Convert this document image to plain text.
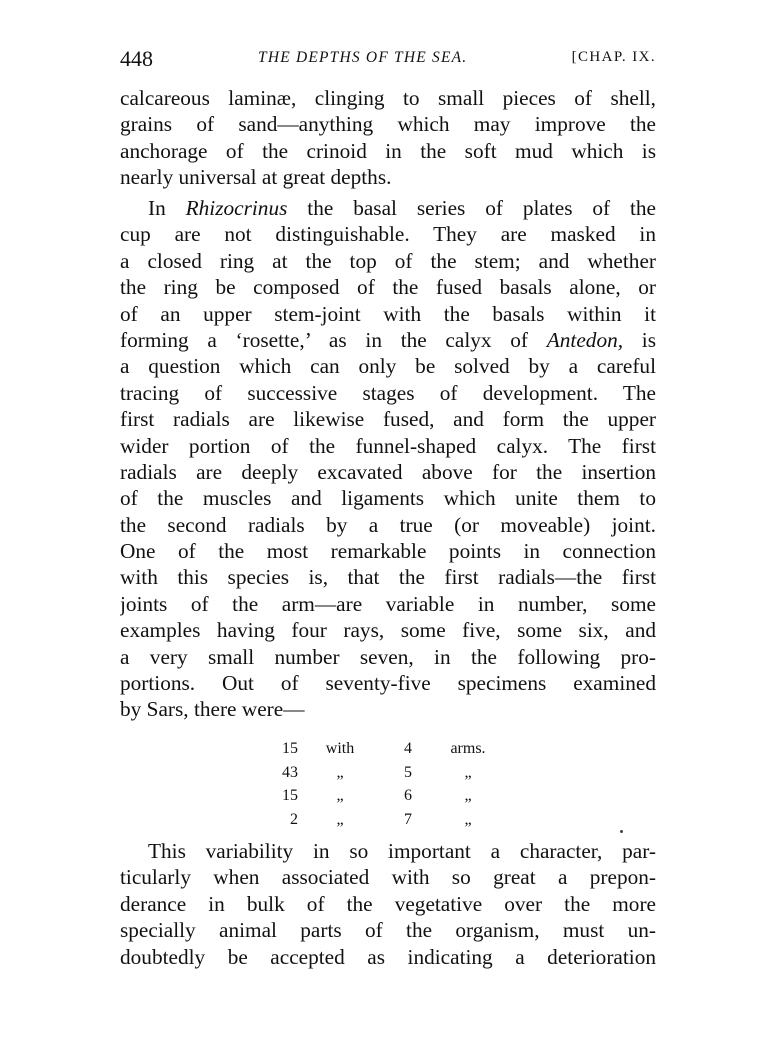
448	THE DEPTHS OF THE SEA.	[CHAP. IX.
calcareous laminæ, clinging to small pieces of shell,
grains of sand—anything which may improve the
anchorage of the crinoid in the soft mud which is
nearly universal at great depths.
In Rhizocrinus the basal series of plates of the
cup are not distinguishable. They are masked in
a closed ring at the top of the stem; and whether
the ring be composed of the fused basals alone, or
of an upper stem-joint with the basals within it
forming a ‘rosette,’ as in the calyx of Antedon, is
a question which can only be solved by a careful
tracing of successive stages of development. The
first radials are likewise fused, and form the upper
wider portion of the funnel-shaped calyx. The first
radials are deeply excavated above for the insertion
of the muscles and ligaments which unite them to
the second radials by a true (or moveable) joint.
One of the most remarkable points in connection
with this species is, that the first radials—the first
joints of the arm—are variable in number, some
examples having four rays, some five, some six, and
a very small number seven, in the following pro-
portions. Out of seventy-five specimens examined
by Sars, there were—
15	with	4	arms.
43	„	5	„
15	„	6	„
2	„	7	„
This variability in so important a character, par-
ticularly when associated with so great a prepon-
derance in bulk of the vegetative over the more
specially animal parts of the organism, must un-
doubtedly be accepted as indicating a deterioration
